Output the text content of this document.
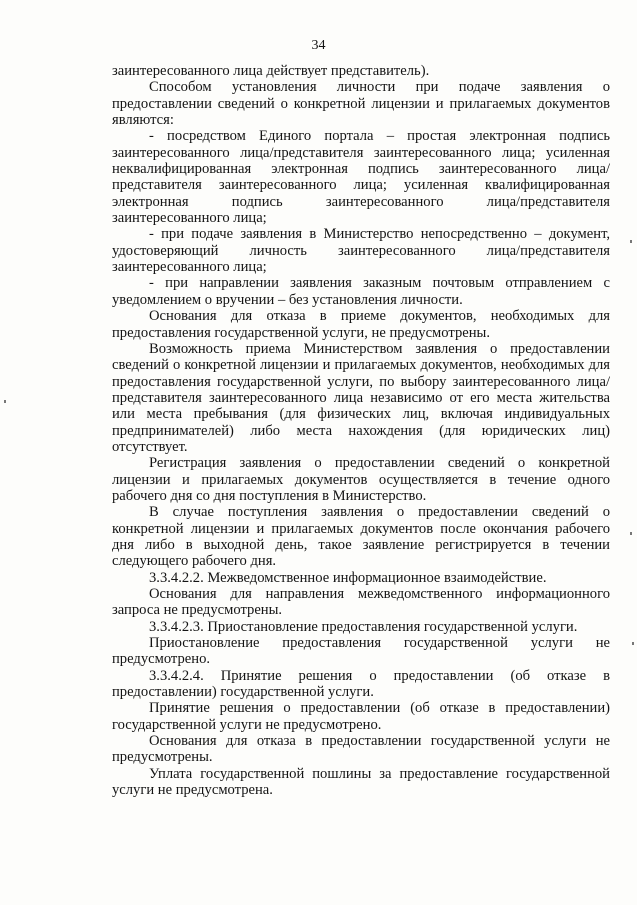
34

заинтересованного лица действует представитель).

Способом установления личности при подаче заявления о предоставлении сведений о конкретной лицензии и прилагаемых документов являются:

- посредством Единого портала – простая электронная подпись заинтересованного лица/представителя заинтересованного лица; усиленная неквалифицированная электронная подпись заинтересованного лица/представителя заинтересованного лица; усиленная квалифицированная электронная подпись заинтересованного лица/представителя заинтересованного лица;

- при подаче заявления в Министерство непосредственно – документ, удостоверяющий личность заинтересованного лица/представителя заинтересованного лица;

- при направлении заявления заказным почтовым отправлением с уведомлением о вручении – без установления личности.

Основания для отказа в приеме документов, необходимых для предоставления государственной услуги, не предусмотрены.

Возможность приема Министерством заявления о предоставлении сведений о конкретной лицензии и прилагаемых документов, необходимых для предоставления государственной услуги, по выбору заинтересованного лица/представителя заинтересованного лица независимо от его места жительства или места пребывания (для физических лиц, включая индивидуальных предпринимателей) либо места нахождения (для юридических лиц) отсутствует.

Регистрация заявления о предоставлении сведений о конкретной лицензии и прилагаемых документов осуществляется в течение одного рабочего дня со дня поступления в Министерство.

В случае поступления заявления о предоставлении сведений о конкретной лицензии и прилагаемых документов после окончания рабочего дня либо в выходной день, такое заявление регистрируется в течении следующего рабочего дня.

3.3.4.2.2. Межведомственное информационное взаимодействие.

Основания для направления межведомственного информационного запроса не предусмотрены.

3.3.4.2.3. Приостановление предоставления государственной услуги.

Приостановление предоставления государственной услуги не предусмотрено.

3.3.4.2.4. Принятие решения о предоставлении (об отказе в предоставлении) государственной услуги.

Принятие решения о предоставлении (об отказе в предоставлении) государственной услуги не предусмотрено.

Основания для отказа в предоставлении государственной услуги не предусмотрены.

Уплата государственной пошлины за предоставление государственной услуги не предусмотрена.
